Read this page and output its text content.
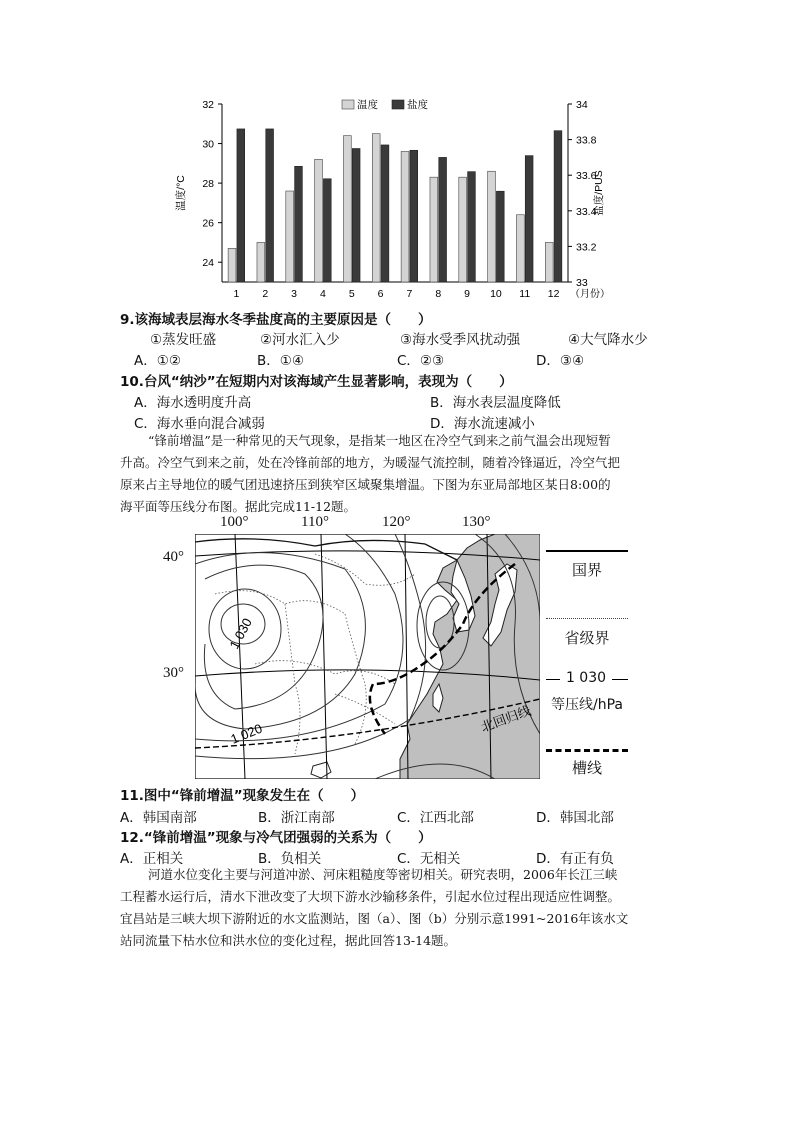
24
26
28
30
32
33
33.2
33.4
33.6
33.8
34
温度/°C	盐度/PUS
1 2 3 4 5 6 7 8 9 10 11 12 （月份）
温度	盐度
9.该海域表层海水冬季盐度高的主要原因是（　　）
①蒸发旺盛	②河水汇入少	③海水受季风扰动强	④大气降水少
A．①②	B．①④	C．②③	D．③④
10.台风“纳沙”在短期内对该海域产生显著影响，表现为（　　）
A．海水透明度升高	B．海水表层温度降低
C．海水垂向混合减弱	D．海水流速减小
“锋前增温”是一种常见的天气现象，是指某一地区在冷空气到来之前气温会出现短暂
升高。冷空气到来之前，处在冷锋前部的地方，为暖湿气流控制，随着冷锋逼近，冷空气把
原来占主导地位的暖气团迅速挤压到狭窄区域聚集增温。下图为东亚局部地区某日8:00的
海平面等压线分布图。据此完成11-12题。
100°	110°	120°	130°
40°
30°
1 030
1 020	北回归线
国界
省级界
1 030
等压线/hPa
槽线
11.图中“锋前增温”现象发生在（　　）
A．韩国南部	B．浙江南部	C．江西北部	D．韩国北部
12.“锋前增温”现象与冷气团强弱的关系为（　　）
A．正相关	B．负相关	C．无相关	D．有正有负
河道水位变化主要与河道冲淤、河床粗糙度等密切相关。研究表明，2006年长江三峡
工程蓄水运行后，清水下泄改变了大坝下游水沙输移条件，引起水位过程出现适应性调整。
宜昌站是三峡大坝下游附近的水文监测站，图（a）、图（b）分别示意1991~2016年该水文
站同流量下枯水位和洪水位的变化过程，据此回答13-14题。
